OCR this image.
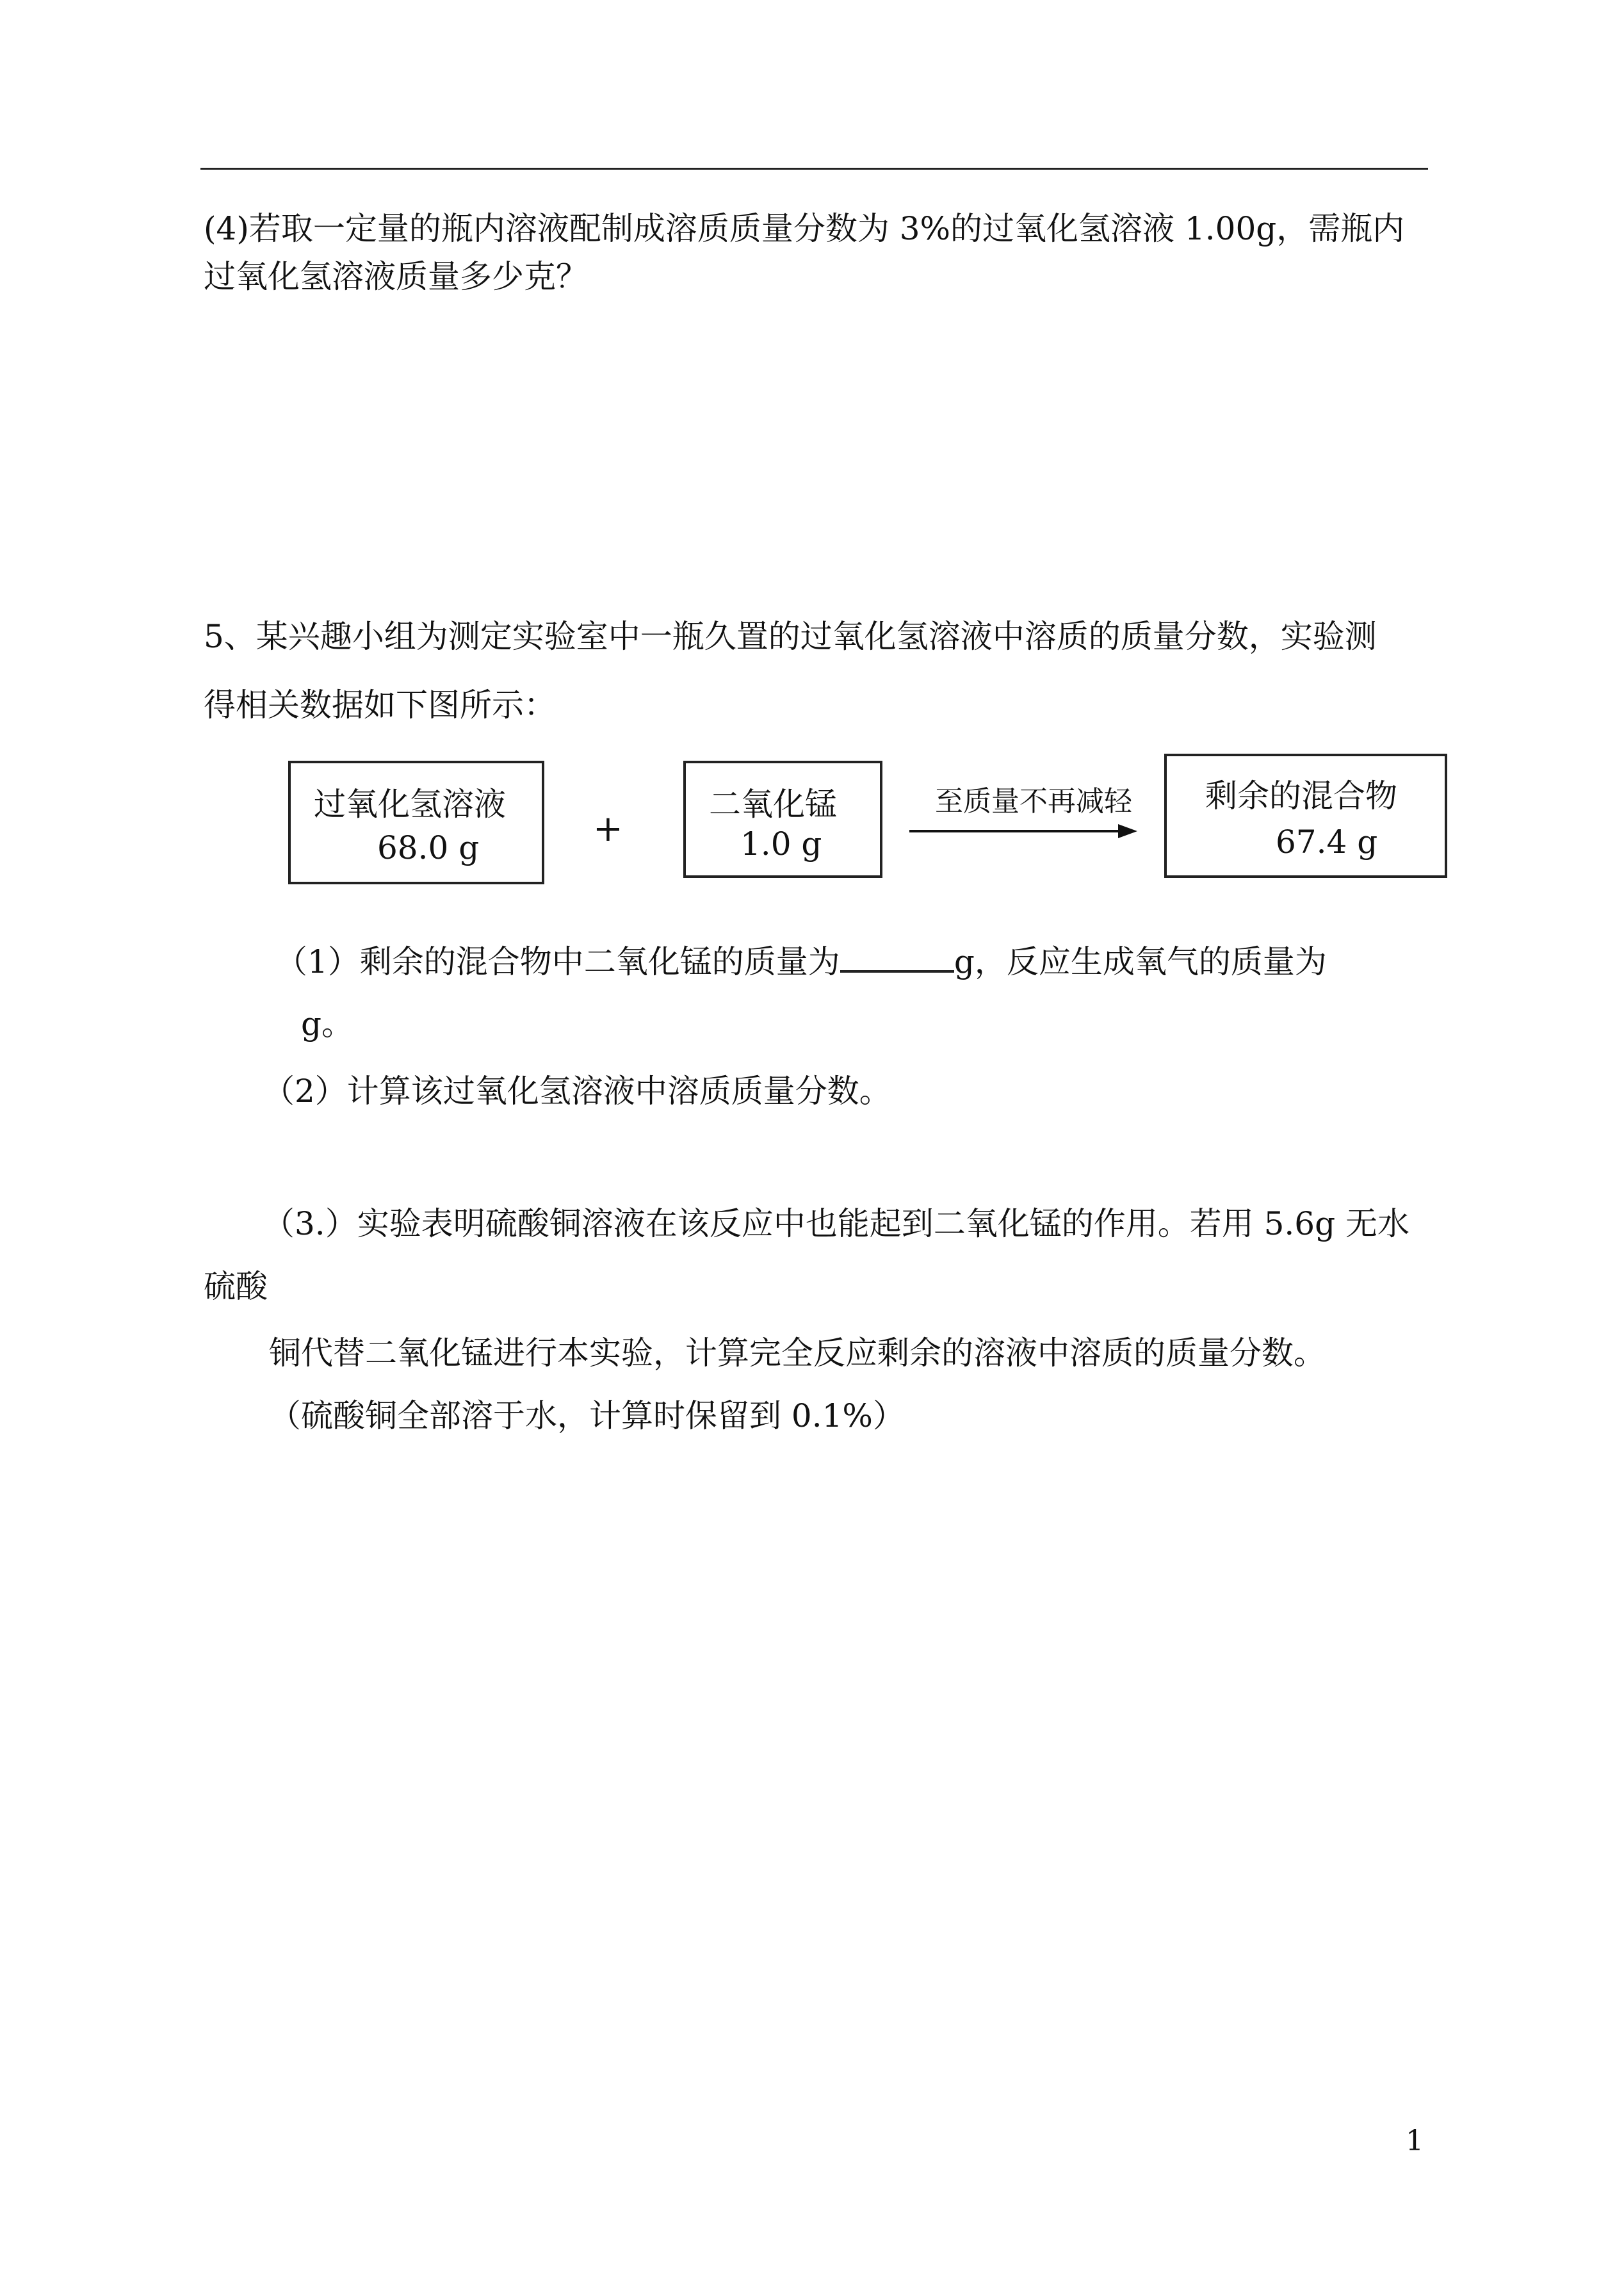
(4)若取一定量的瓶内溶液配制成溶质质量分数为 3%的过氧化氢溶液 1.00g，需瓶内
过氧化氢溶液质量多少克？
5、某兴趣小组为测定实验室中一瓶久置的过氧化氢溶液中溶质的质量分数，实验测
得相关数据如下图所示：
过氧化氢溶液
68.0 g	+
二氧化锰
1.0 g
至质量不再减轻 剩余的混合物
67.4 g
（1）剩余的混合物中二氧化锰的质量为	g，反应生成氧气的质量为
g。
（2）计算该过氧化氢溶液中溶质质量分数。
（3.）实验表明硫酸铜溶液在该反应中也能起到二氧化锰的作用。若用 5.6g 无水
硫酸
铜代替二氧化锰进行本实验，计算完全反应剩余的溶液中溶质的质量分数。
（硫酸铜全部溶于水，计算时保留到 0.1%）
1
